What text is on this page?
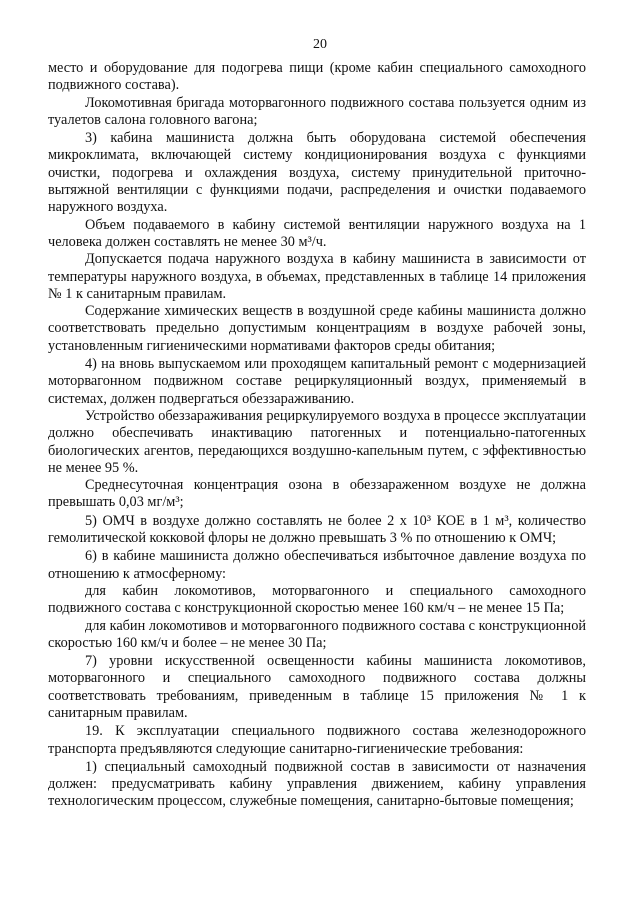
20

место и оборудование для подогрева пищи (кроме кабин специального самоходного подвижного состава).

Локомотивная бригада моторвагонного подвижного состава пользуется одним из туалетов салона головного вагона;

3) кабина машиниста должна быть оборудована системой обеспечения микроклимата, включающей систему кондиционирования воздуха с функциями очистки, подогрева и охлаждения воздуха, систему принудительной приточно-вытяжной вентиляции с функциями подачи, распределения и очистки подаваемого наружного воздуха.

Объем подаваемого в кабину системой вентиляции наружного воздуха на 1 человека должен составлять не менее 30 м³/ч.

Допускается подача наружного воздуха в кабину машиниста в зависимости от температуры наружного воздуха, в объемах, представленных в таблице 14 приложения № 1 к санитарным правилам.

Содержание химических веществ в воздушной среде кабины машиниста должно соответствовать предельно допустимым концентрациям в воздухе рабочей зоны, установленным гигиеническими нормативами факторов среды обитания;

4) на вновь выпускаемом или проходящем капитальный ремонт с модернизацией моторвагонном подвижном составе рециркуляционный воздух, применяемый в системах, должен подвергаться обеззараживанию.

Устройство обеззараживания рециркулируемого воздуха в процессе эксплуатации должно обеспечивать инактивацию патогенных и потенциально-патогенных биологических агентов, передающихся воздушно-капельным путем, с эффективностью не менее 95 %.

Среднесуточная концентрация озона в обеззараженном воздухе не должна превышать 0,03 мг/м³;

5) ОМЧ в воздухе должно составлять не более 2 х 10³ КОЕ в 1 м³, количество гемолитической кокковой флоры не должно превышать 3 % по отношению к ОМЧ;

6) в кабине машиниста должно обеспечиваться избыточное давление воздуха по отношению к атмосферному:

для кабин локомотивов, моторвагонного и специального самоходного подвижного состава с конструкционной скоростью менее 160 км/ч – не менее 15 Па;

для кабин локомотивов и моторвагонного подвижного состава с конструкционной скоростью 160 км/ч и более – не менее 30 Па;

7) уровни искусственной освещенности кабины машиниста локомотивов, моторвагонного и специального самоходного подвижного состава должны соответствовать требованиям, приведенным в таблице 15 приложения № 1 к санитарным правилам.

19. К эксплуатации специального подвижного состава железнодорожного транспорта предъявляются следующие санитарно-гигиенические требования:

1) специальный самоходный подвижной состав в зависимости от назначения должен: предусматривать кабину управления движением, кабину управления технологическим процессом, служебные помещения, санитарно-бытовые помещения;
